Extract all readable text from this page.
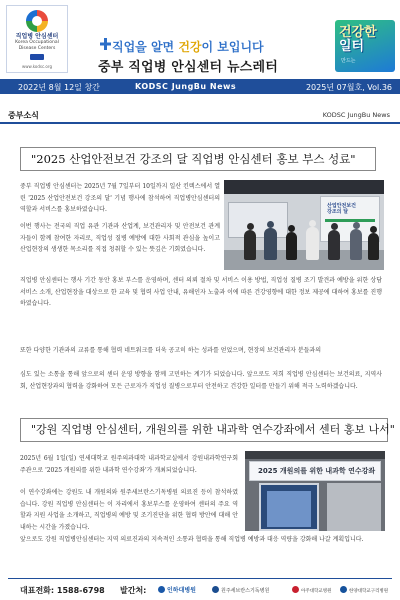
직업병 안심센터
Korea Occupational Disease Centers
www.kodsc.org
직업을 알면 건강이 보입니다
중부 직업병 안심센터 뉴스레터
건강한
일터
만드는
2022년 8월 12일 창간	KODSC JungBu News	2025년 07월호, Vol.36
중부소식	KODSC JungBu News
"2025 산업안전보건 강조의 달 직업병 안심센터 홍보 부스 성료"

중부 직업병 안심센터는 2025년 7월 7일부터 10일까지 일산 킨텍스에서 열린 '2025 산업안전보건 강조의 달' 기념 행사에 참석하여 직업병안심센터의 역할과 서비스를 홍보하였습니다.

이번 행사는 전국의 직업 유관 기관과 산업계, 보건관리자 및 안전보건 관계자들이 함께 참여한 자리로, 직업성 질병 예방에 대한 사회적 관심을 높이고 산업현장의 생생한 목소리를 직접 청취할 수 있는 뜻깊은 기회였습니다.

산업안전보건
강조의 달

직업병 안심센터는 행사 기간 동안 홍보 부스를 운영하며, 센터 의뢰 절차 및 서비스 이용 방법, 직업성 질병 조기 발견과 예방을 위한 상담 서비스 소개, 산업현장을 대상으로 한 교육 및 협력 사업 안내, 유해인자 노출과 이에 따른 건강영향에 대한 정보 제공에 대하여 홍보를 진행하였습니다.

또한 다양한 기관과의 교류를 통해 협력 네트워크를 더욱 공고히 하는 성과를 얻었으며, 현장의 보건관리자 분들과의

심도 있는 소통을 통해 앞으로의 센터 운영 방향을 함께 고민하는 계기가 되었습니다. 앞으로도 저희 직업병 안심센터는 보건의료, 지역사회, 산업현장과의 협력을 강화하여 모든 근로자가 직업성 질병으로부터 안전하고 건강한 일터를 만들기 위해 적극 노력하겠습니다.

"강원 직업병 안심센터, 개원의를 위한 내과학 연수강좌에서 센터 홍보 나서"

2025년 6월 1일(일) 연세대학교 원주의과대학 내과학교실에서 강원내과학연구회 주관으로 '2025 개원의를 위한 내과학 연수강좌'가 개최되었습니다.

이 연수강좌에는 강원도 내 개원의와 원주세브란스기독병원 의료진 등이 참석하였습니다. 강원 직업병 안심센터는 이 자리에서 홍보부스를 운영하여 센터의 주요 역할과 지원 사업을 소개하고, 직업병의 예방 및 조기진단을 위한 협력 방안에 대해 안내하는 시간을 가졌습니다.

2025 개원의를 위한 내과학 연수강좌

앞으로도 강원 직업병안심센터는 지역 의료진과의 지속적인 소통과 협력을 통해 직업병 예방과 대응 역량을 강화해 나갈 계획입니다.

대표전화: 1588-6798 발간처:	인하대병원	원주세브란스기독병원	아주대학교병원	한양대학교구리병원
